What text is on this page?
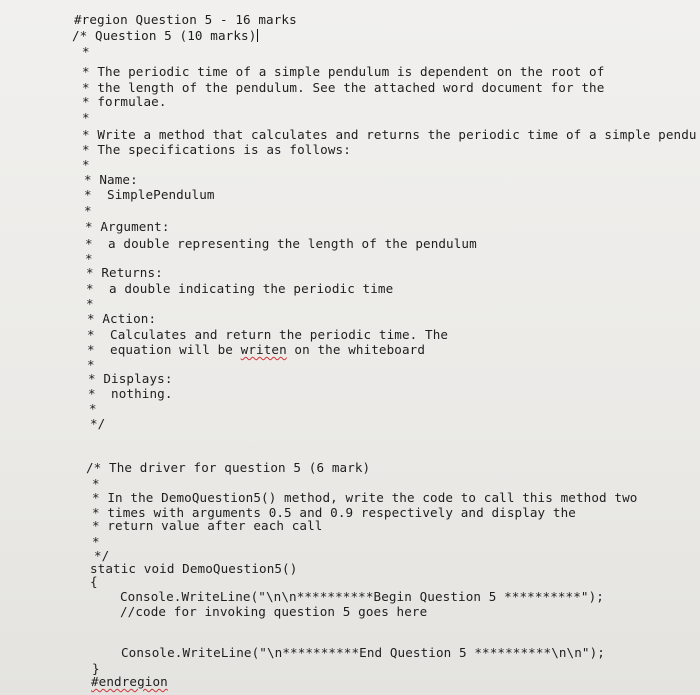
#region Question 5 - 16 marks
/* Question 5 (10 marks)
*
* The periodic time of a simple pendulum is dependent on the root of
* the length of the pendulum. See the attached word document for the
* formulae.
*
* Write a method that calculates and returns the periodic time of a simple pendu
* The specifications is as follows:
*
* Name:
*  SimplePendulum
*
* Argument:
*  a double representing the length of the pendulum
*
* Returns:
*  a double indicating the periodic time
*
* Action:
*  Calculates and return the periodic time. The
*  equation will be writen on the whiteboard
*
* Displays:
*  nothing.
*
*/
/* The driver for question 5 (6 mark)
*
* In the DemoQuestion5() method, write the code to call this method two
* times with arguments 0.5 and 0.9 respectively and display the
* return value after each call
*
*/
static void DemoQuestion5()
{
Console.WriteLine("\n\n**********Begin Question 5 **********");
//code for invoking question 5 goes here
Console.WriteLine("\n**********End Question 5 **********\n\n");
}
#endregion
